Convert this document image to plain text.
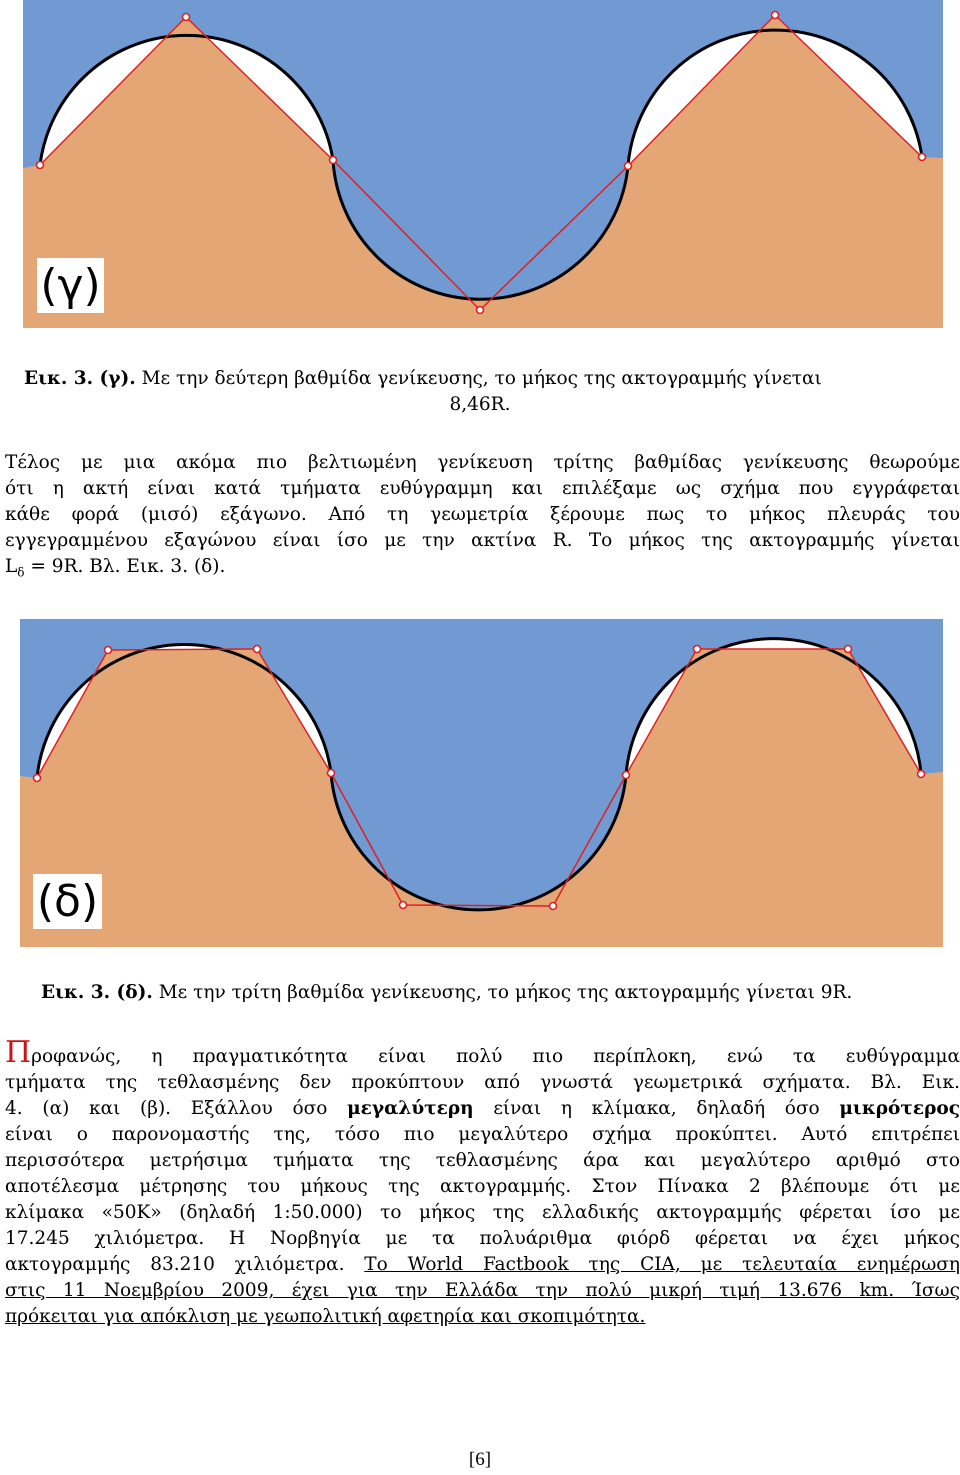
(γ)
Εικ. 3. (γ). Με την δεύτερη βαθμίδα γενίκευσης, το μήκος της ακτογραμμής γίνεται
8,46R.
Τέλος με μια ακόμα πιο βελτιωμένη γενίκευση τρίτης βαθμίδας γενίκευσης θεωρούμε
ότι η ακτή είναι κατά τμήματα ευθύγραμμη και επιλέξαμε ως σχήμα που εγγράφεται
κάθε φορά (μισό) εξάγωνο. Από τη γεωμετρία ξέρουμε πως το μήκος πλευράς του
εγγεγραμμένου εξαγώνου είναι ίσο με την ακτίνα R. Το μήκος της ακτογραμμής γίνεται
$L_\delta = 9R$. Βλ. Εικ. 3. (δ).
(δ)
Εικ. 3. (δ). Με την τρίτη βαθμίδα γενίκευσης, το μήκος της ακτογραμμής γίνεται 9R.
Προφανώς, η πραγματικότητα είναι πολύ πιο περίπλοκη, ενώ τα ευθύγραμμα
τμήματα της τεθλασμένης δεν προκύπτουν από γνωστά γεωμετρικά σχήματα. Βλ. Εικ.
4. (α) και (β). Εξάλλου όσο μεγαλύτερη είναι η κλίμακα, δηλαδή όσο μικρότερος
είναι ο παρονομαστής της, τόσο πιο μεγαλύτερο σχήμα προκύπτει. Αυτό επιτρέπει
περισσότερα μετρήσιμα τμήματα της τεθλασμένης άρα και μεγαλύτερο αριθμό στο
αποτέλεσμα μέτρησης του μήκους της ακτογραμμής. Στον Πίνακα 2 βλέπουμε ότι με
κλίμακα «50Κ» (δηλαδή 1:50.000) το μήκος της ελλαδικής ακτογραμμής φέρεται ίσο με
17.245 χιλιόμετρα. Η Νορβηγία με τα πολυάριθμα φιόρδ φέρεται να έχει μήκος
ακτογραμμής 83.210 χιλιόμετρα. Το World Factbook της CIA, με τελευταία ενημέρωση
στις 11 Νοεμβρίου 2009, έχει για την Ελλάδα την πολύ μικρή τιμή 13.676 km. Ίσως
πρόκειται για απόκλιση με γεωπολιτική αφετηρία και σκοπιμότητα.
[6]
